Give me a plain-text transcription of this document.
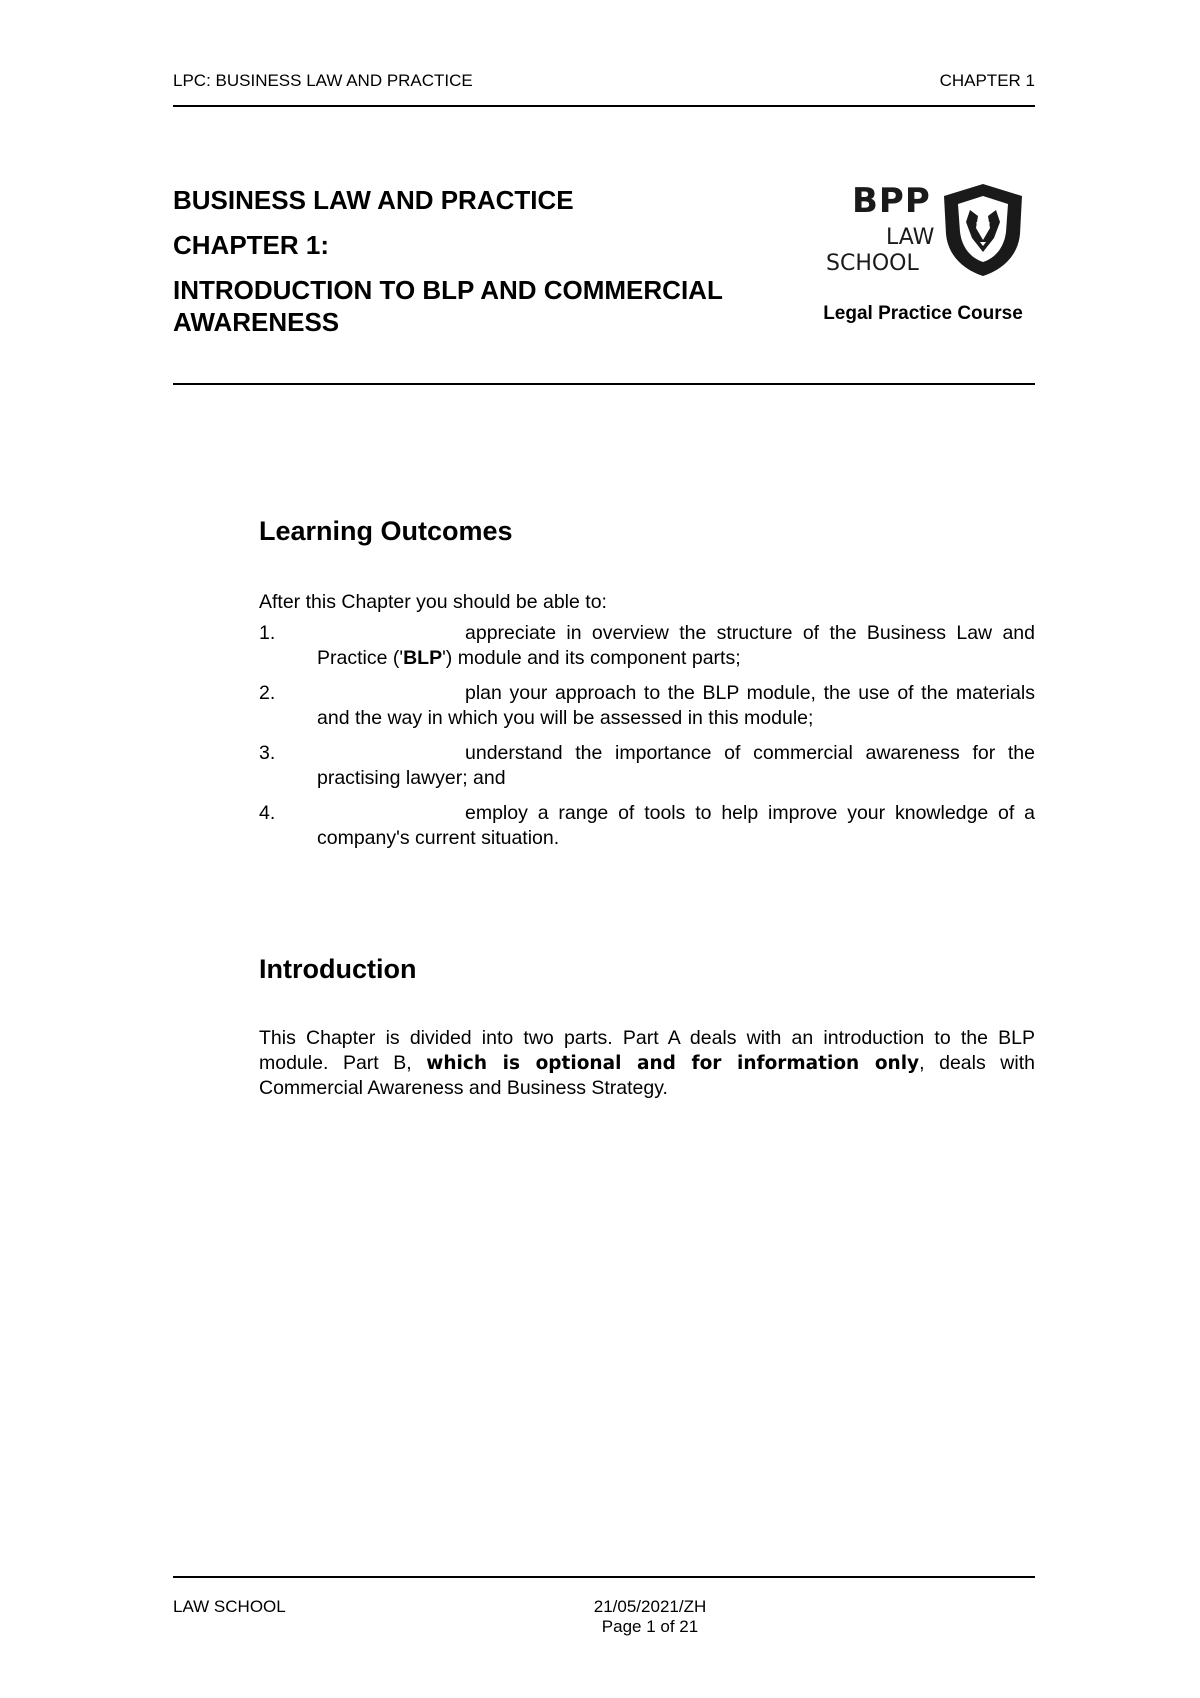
LPC: BUSINESS LAW AND PRACTICE	CHAPTER 1
BUSINESS LAW AND PRACTICE
CHAPTER 1:
INTRODUCTION TO BLP AND COMMERCIAL AWARENESS
BPP
LAW
SCHOOL
Legal Practice Course
Learning Outcomes
After this Chapter you should be able to:
1.	appreciate in overview the structure of the Business Law and Practice ('BLP') module and its component parts;
2.	plan your approach to the BLP module, the use of the materials and the way in which you will be assessed in this module;
3.	understand the importance of commercial awareness for the practising lawyer; and
4.	employ a range of tools to help improve your knowledge of a company's current situation.
Introduction

This Chapter is divided into two parts. Part A deals with an introduction to the BLP module. Part B, which is optional and for information only, deals with Commercial Awareness and Business Strategy.

LAW SCHOOL	21/05/2021/ZH
Page 1 of 21
